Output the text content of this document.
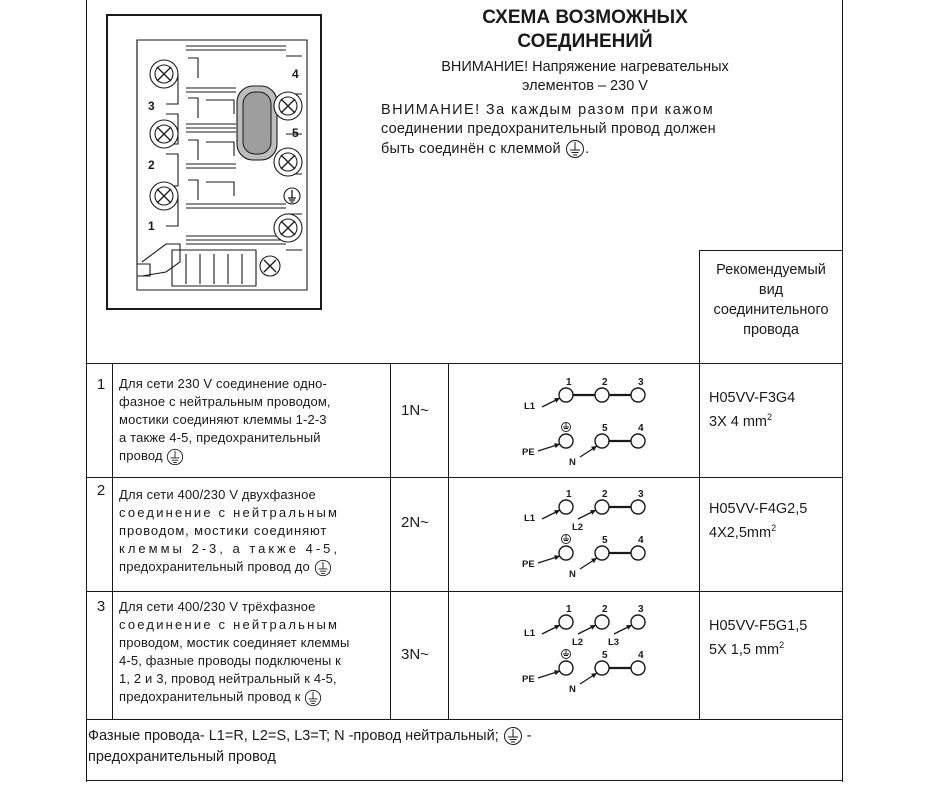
4
3
5
2
1
СХЕМА ВОЗМОЖНЫХ
СОЕДИНЕНИЙ
ВНИМАНИЕ! Напряжение нагревательных
элементов – 230 V
ВНИМАНИЕ! За каждым разом при кажом
соединении предохранительный провод должен
быть соединён с клеммой .
Рекомендуемый
вид
соединительного
провода
1	Для сети 230 V соединение одно-
фазное с нейтральным проводом,
мостики соединяют клеммы 1-2-3
а также 4-5, предохранительный
провод
1N~
1	2	3
L1
5	4
PE
N
H05VV-F3G4
3X 4 $mm^2$
2	Для сети 400/230 V двухфазное
соединение с нейтральным
проводом, мостики соединяют
клеммы 2-3, а также 4-5,
предохранительный провод до
2N~
1	2	3
L1
L2
5	4
PE
N
H05VV-F4G2,5
$4X2,5mm^2$
3	Для сети 400/230 V трёхфазное
соединение с нейтральным
проводом, мостик соединяет клеммы
4-5, фазные проводы подключены к
1, 2 и 3, провод нейтральный к 4-5,
предохранительный провод к
3N~
1	2	3
L1
L2	L3
5	4
PE
N
H05VV-F5G1,5
5X 1,5 $mm^2$
Фазные провода- L1=R, L2=S, L3=T; N -провод нейтральный; -
предохранительный провод
